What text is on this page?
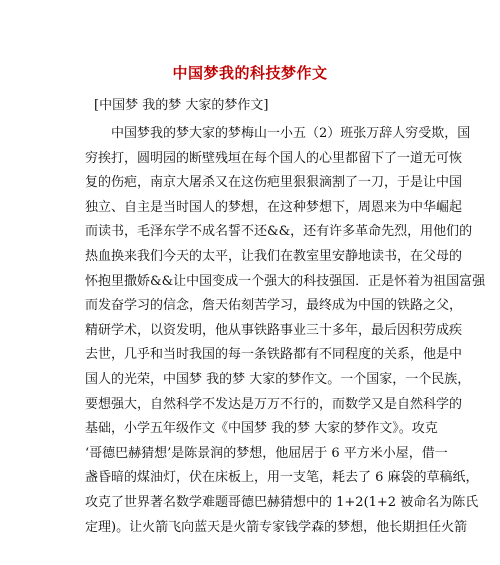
中国梦我的科技梦作文
[中国梦 我的梦 大家的梦作文]
中国梦我的梦大家的梦梅山一小五（2）班张万辞人穷受欺，国
穷挨打，圆明园的断壁残垣在每个国人的心里都留下了一道无可恢
复的伤疤，南京大屠杀又在这伤疤里狠狠滴割了一刀，于是让中国
独立、自主是当时国人的梦想，在这种梦想下，周恩来为中华崛起
而读书，毛泽东学不成名誓不还&&，还有许多革命先烈，用他们的
热血换来我们今天的太平，让我们在教室里安静地读书，在父母的
怀抱里撒娇&&让中国变成一个强大的科技强国．正是怀着为祖国富强
而发奋学习的信念，詹天佑刻苦学习，最终成为中国的铁路之父，
精研学术，以资发明，他从事铁路事业三十多年，最后因积劳成疾
去世，几乎和当时我国的每一条铁路都有不同程度的关系，他是中
国人的光荣，中国梦 我的梦 大家的梦作文。一个国家，一个民族，
要想强大，自然科学不发达是万万不行的，而数学又是自然科学的
基础，小学五年级作文《中国梦 我的梦 大家的梦作文》。攻克
‘哥德巴赫猜想’是陈景润的梦想，他屈居于 6 平方米小屋，借一
盏昏暗的煤油灯，伏在床板上，用一支笔，耗去了 6 麻袋的草稿纸，
攻克了世界著名数学难题哥德巴赫猜想中的 1+2(1+2 被命名为陈氏
定理)。让火箭飞向蓝天是火箭专家钱学森的梦想，他长期担任火箭
